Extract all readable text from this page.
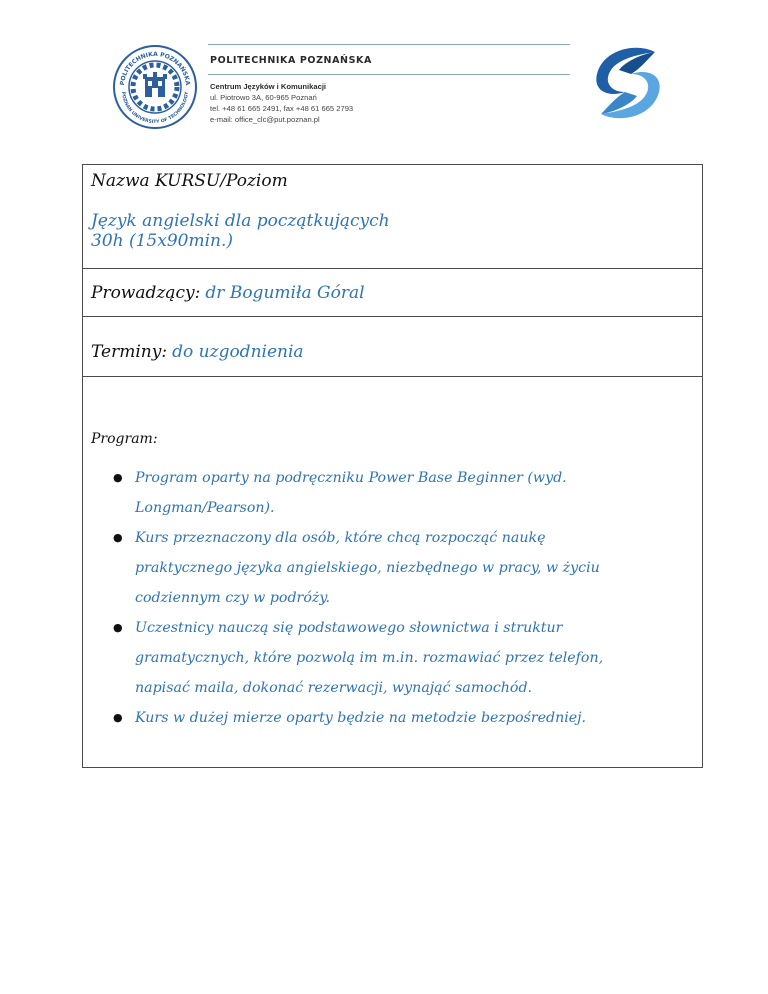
POLITECHNIKA POZNAŃSKA
POZNAN UNIVERSITY OF TECHNOLOGY
POLITECHNIKA POZNAŃSKA
Centrum Języków i Komunikacji
ul. Piotrowo 3A, 60-965 Poznań
tel. +48 61 665 2491, fax +48 61 665 2793
e-mail: office_clc@put.poznan.pl
Nazwa KURSU/Poziom
Język angielski dla początkujących
30h (15x90min.)
Prowadzący: dr Bogumiła Góral
Terminy: do uzgodnienia
Program:
● Program oparty na podręczniku Power Base Beginner (wyd.
Longman/Pearson).
● Kurs przeznaczony dla osób, które chcą rozpocząć naukę
praktycznego języka angielskiego, niezbędnego w pracy, w życiu
codziennym czy w podróży.
● Uczestnicy nauczą się podstawowego słownictwa i struktur
gramatycznych, które pozwolą im m.in. rozmawiać przez telefon,
napisać maila, dokonać rezerwacji, wynająć samochód.
● Kurs w dużej mierze oparty będzie na metodzie bezpośredniej.
